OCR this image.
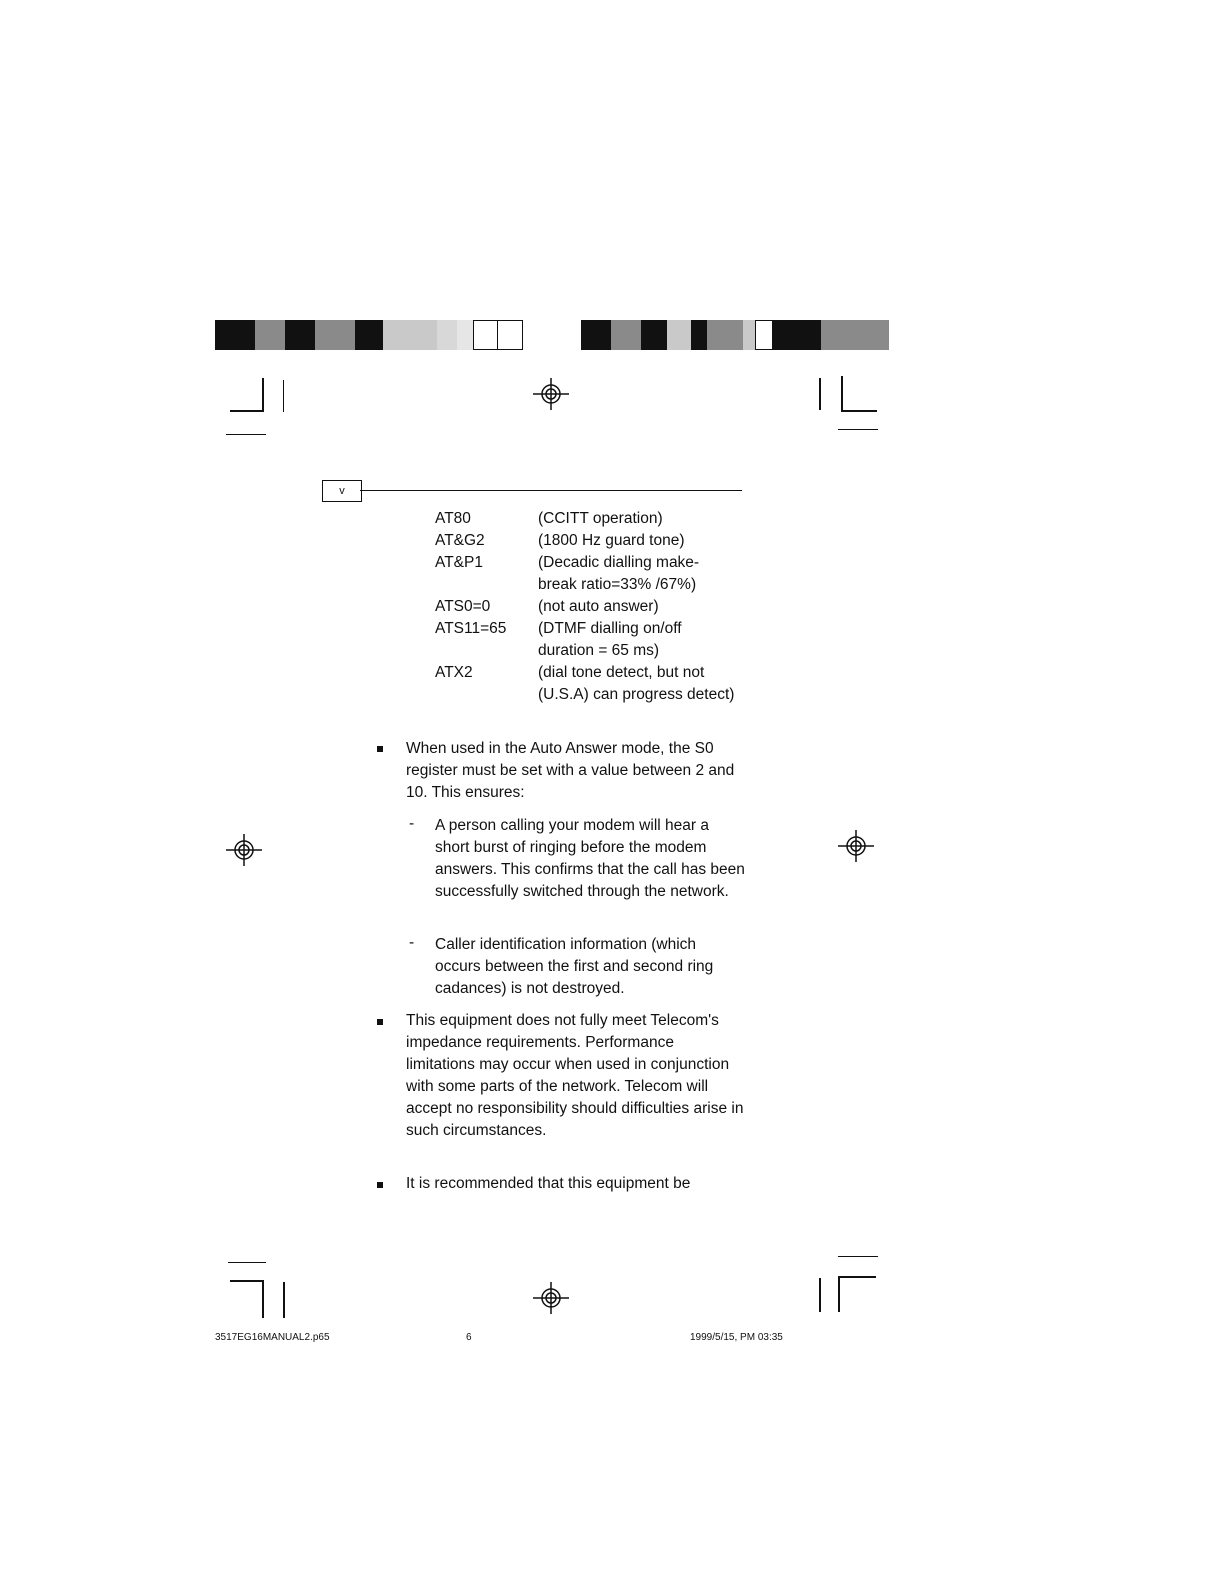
v
AT80	(CCITT operation)
AT&G2	(1800 Hz guard tone)
AT&P1	(Decadic dialling make-break ratio=33% /67%)
ATS0=0	(not auto answer)
ATS11=65	(DTMF dialling on/off duration = 65 ms)
ATX2	(dial tone detect, but not (U.S.A) can progress detect)
When used in the Auto Answer mode, the S0 register must be set with a value between 2 and 10. This ensures:
- A person calling your modem will hear a short burst of ringing before the modem answers. This confirms that the call has been successfully switched through the network.
- Caller identification information (which occurs between the first and second ring cadances) is not destroyed.
This equipment does not fully meet Telecom's impedance requirements. Performance limitations may occur when used in conjunction with some parts of the network. Telecom will accept no responsibility should difficulties arise in such circumstances.
It is recommended that this equipment be
3517EG16MANUAL2.p65	6	1999/5/15, PM 03:35
